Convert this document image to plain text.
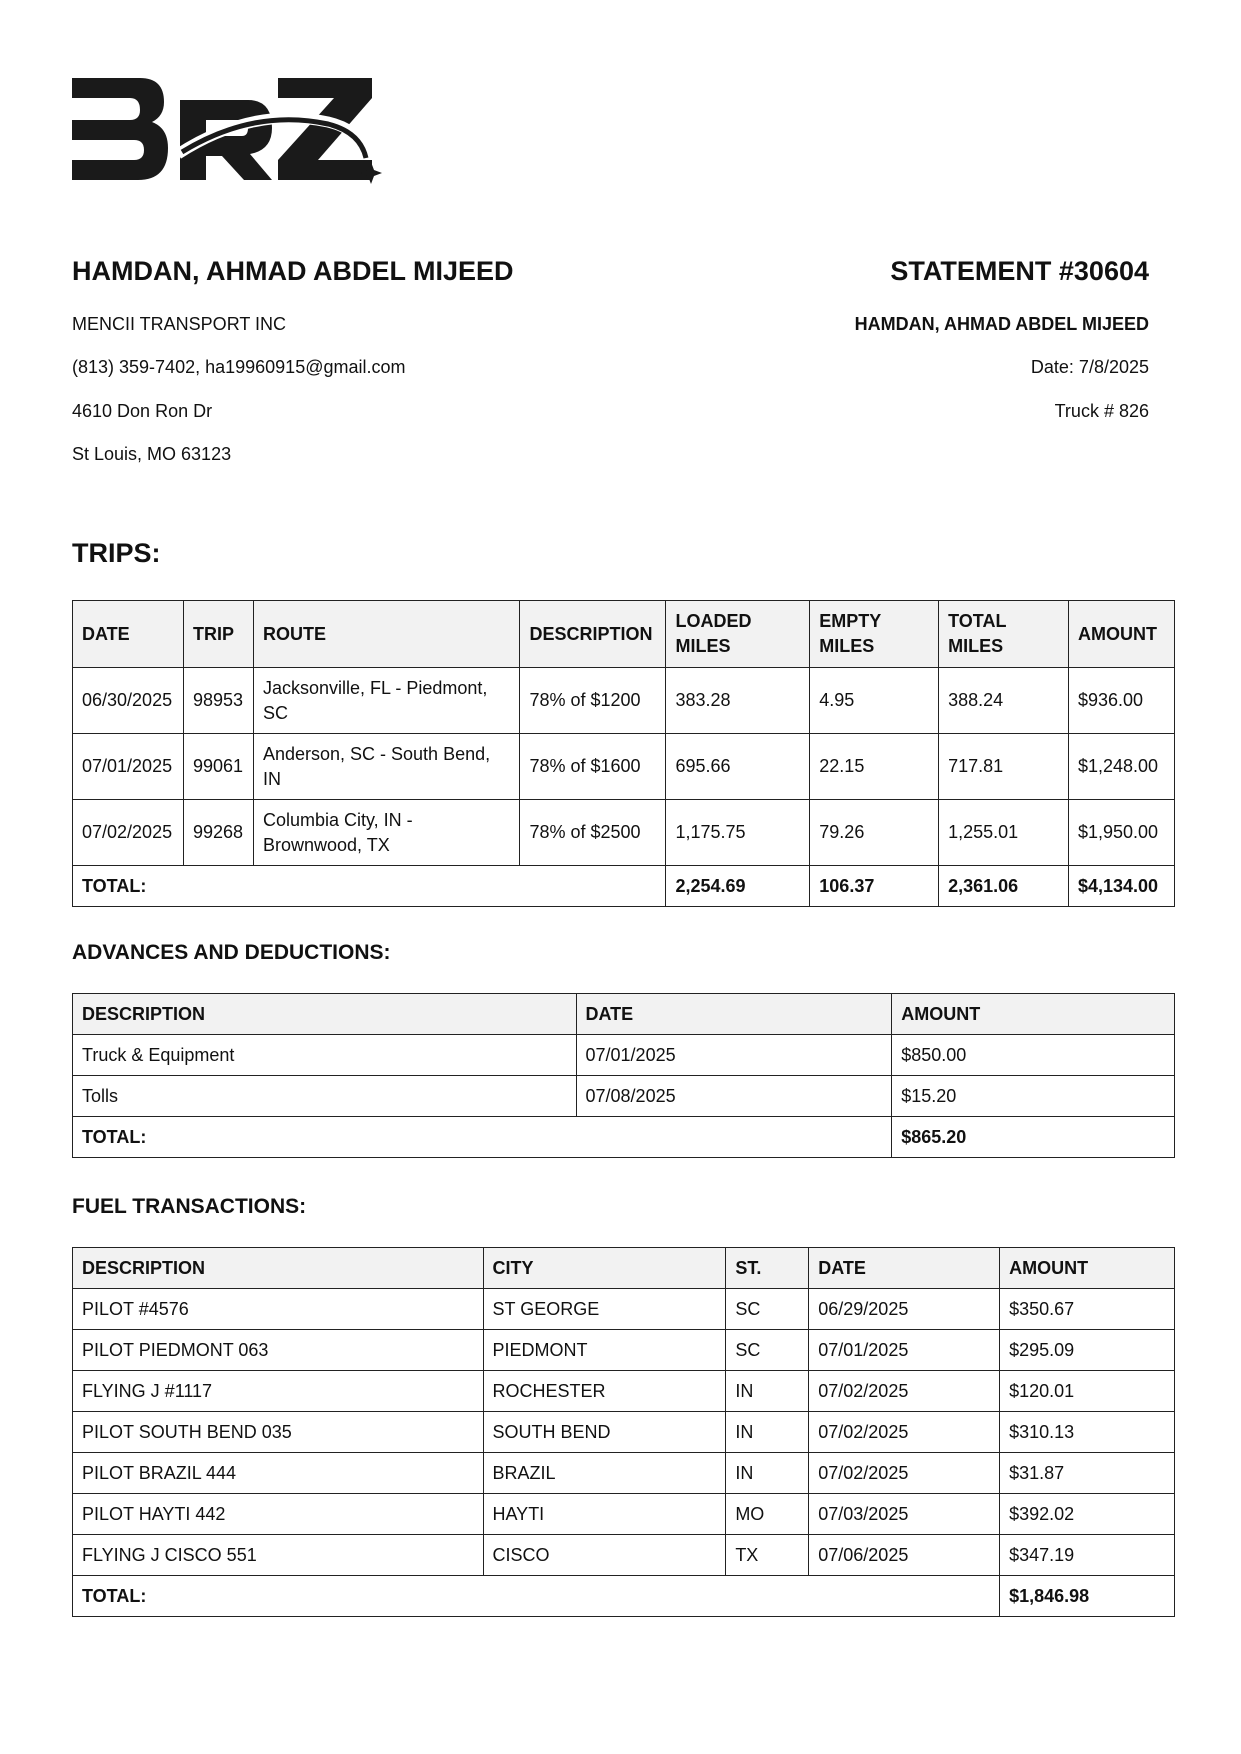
HAMDAN, AHMAD ABDEL MIJEED
MENCII TRANSPORT INC
(813) 359-7402, ha19960915@gmail.com
4610 Don Ron Dr
St Louis, MO 63123
STATEMENT #30604
HAMDAN, AHMAD ABDEL MIJEED
Date: 7/8/2025
Truck # 826
TRIPS:
DATE	TRIP	ROUTE	DESCRIPTION	LOADED MILES	EMPTY MILES	TOTAL MILES	AMOUNT
06/30/2025	98953	Jacksonville, FL - Piedmont, SC	78% of $1200	383.28	4.95	388.24	$936.00
07/01/2025	99061	Anderson, SC - South Bend, IN	78% of $1600	695.66	22.15	717.81	$1,248.00
07/02/2025	99268	Columbia City, IN - Brownwood, TX	78% of $2500	1,175.75	79.26	1,255.01	$1,950.00
TOTAL:				2,254.69	106.37	2,361.06	$4,134.00
ADVANCES AND DEDUCTIONS:
DESCRIPTION	DATE	AMOUNT
Truck & Equipment	07/01/2025	$850.00
Tolls	07/08/2025	$15.20
TOTAL:		$865.20
FUEL TRANSACTIONS:
DESCRIPTION	CITY	ST.	DATE	AMOUNT
PILOT #4576	ST GEORGE	SC	06/29/2025	$350.67
PILOT PIEDMONT 063	PIEDMONT	SC	07/01/2025	$295.09
FLYING J #1117	ROCHESTER	IN	07/02/2025	$120.01
PILOT SOUTH BEND 035	SOUTH BEND	IN	07/02/2025	$310.13
PILOT BRAZIL 444	BRAZIL	IN	07/02/2025	$31.87
PILOT HAYTI 442	HAYTI	MO	07/03/2025	$392.02
FLYING J CISCO 551	CISCO	TX	07/06/2025	$347.19
TOTAL:				$1,846.98
